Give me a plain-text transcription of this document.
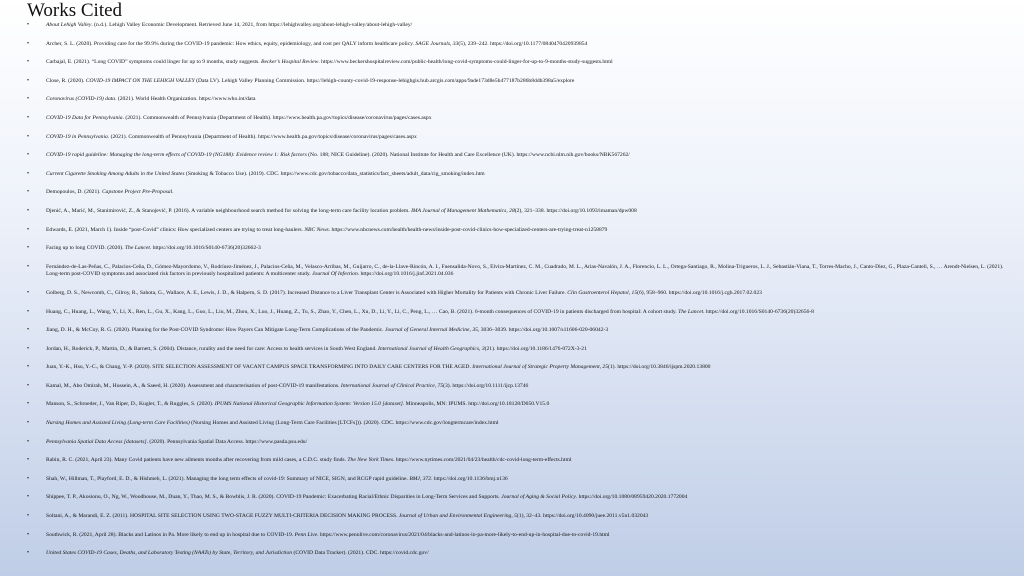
Works Cited
• About Lehigh Valley. (n.d.). Lehigh Valley Economic Development. Retrieved June 14, 2021, from https://lehighvalley.org/about-lehigh-valley/about-lehigh-valley/
• Archer, S. L. (2020). Providing care for the 99.9% during the COVID-19 pandemic: How ethics, equity, epidemiology, and cost per QALY inform healthcare policy. SAGE Journals, 33(5), 239–242. https://doi.org/10.1177/0840470420939854
• Carbajal, E. (2021). “Long COVID” symptoms could linger for up to 9 months, study suggests. Becker’s Hospital Review. https://www.beckershospitalreview.com/public-health/long-covid-symptoms-could-linger-for-up-to-9-months-study-suggests.html
• Close, R. (2020). COVID-19 IMPACT ON THE LEHIGH VALLEY (Data LV). Lehigh Valley Planning Commission. https://lehigh-county-covid-19-response-lehighgis.hub.arcgis.com/apps/9ade173d8e5b477187b286b8ddb398a5/explore
• Coronavirus (COVID-19) data. (2021). World Health Organization. https://www.who.int/data
• COVID-19 Data for Pennsylvania. (2021). Commonwealth of Pennsylvania (Department of Health). https://www.health.pa.gov/topics/disease/coronavirus/pages/cases.aspx
• COVID-19 in Pennsylvania. (2021). Commonwealth of Pennsylvania (Department of Health). https://www.health.pa.gov/topics/disease/coronavirus/pages/cases.aspx
• COVID-19 rapid guideline: Managing the long-term effects of COVID-19 (NG188): Evidence review 1: Risk factors (No. 188; NICE Guideline). (2020). National Institute for Health and Care Excellence (UK). https://www.ncbi.nlm.nih.gov/books/NBK567262/
• Current Cigarette Smoking Among Adults in the United States (Smoking & Tobacco Use). (2019). CDC. https://www.cdc.gov/tobacco/data_statistics/fact_sheets/adult_data/cig_smoking/index.htm
• Demopoulos, D. (2021). Capstone Project Pre-Proposal.
• Djenić, A., Marić, M., Stanimirović, Z., & Stanojević, P. (2016). A variable neighbourhood search method for solving the long-term care facility location problem. IMA Journal of Management Mathematics, 28(2), 321–338. https://doi.org/10.1093/imaman/dpw008
• Edwards, E. (2021, March 1). Inside “post-Covid” clinics: How specialized centers are trying to treat long-haulers. NBC News. https://www.nbcnews.com/health/health-news/inside-post-covid-clinics-how-specialized-centers-are-trying-treat-n1258879
• Facing up to long COVID. (2020). The Lancet. https://doi.org/10.1016/S0140-6736(20)32662-3
• Fernández-de-Las-Peñas, C., Palacios-Ceña, D., Gómez-Mayordomo, V., Rodríuez-Jiménez, J., Palacios-Ceña, M., Velasco-Arribas, M., Guijarro, C., de-la-Llave-Rincón, A. I., Fuensalida-Novo, S., Elvira-Martínez, C. M., Cuadrado, M. L., Arias-Navalón, J. A., Florencio, L. L., Ortega-Santiago, R., Molina-Trigueros, L. J., Sebastián-Viana, T., Torres-Macho, J., Canto-Diez, G., Plaza-Canteli, S., … Arendt-Nielsen, L. (2021). Long-term post-COVID symptoms and associated risk factors in previously hospitalized patients: A multicenter study. Journal Of Infection. https://doi.org/10.1016/j.jinf.2021.04.036
• Golberg, D. S., Newcomb, C., Gilroy, R., Sahota, G., Wallace, A. E., Lewis, J. D., & Halpern, S. D. (2017). Increased Distance to a Liver Transplant Center is Associated with Higher Mortality for Patients with Chronic Liver Failure. Clin Gastroenterol Hepatol, 15(6), 958–960. https://doi.org/10.1016/j.cgh.2017.02.023
• Huang, C., Huang, L., Wang, Y., Li, X., Ren, L., Gu, X., Kang, L., Guo, L., Liu, M., Zhou, X., Luo, J., Huang, Z., Tu, S., Zhao, Y., Chen, L., Xu, D., Li, Y., Li, C., Peng, L., … Cao, B. (2021). 6-month consequences of COVID-19 in patients discharged from hospital: A cohort study. The Lancet. https://doi.org/10.1016/S0140-6736(20)32656-8
• Jiang, D. H., & McCoy, R. G. (2020). Planning for the Post-COVID Syndrome: How Payers Can Mitigate Long-Term Complications of the Pandemic. Journal of General Internal Medicine, 35, 3036–3039. https://doi.org/10.1007/s11606-020-06042-3
• Jordan, H., Roderick, P., Martin, D., & Barnett, S. (2004). Distance, rurality and the need for care: Access to health services in South West England. International Journal of Health Geographics, 3(21). https://doi.org/10.1186/1476-072X-3-21
• Juan, Y.-K., Hsu, Y.-C., & Chang, Y.-P. (2020). SITE SELECTION ASSESSMENT OF VACANT CAMPUS SPACE TRANSFORMING INTO DAILY CARE CENTERS FOR THE AGED. International Journal of Strategic Property Management, 25(1). https://doi.org/10.3846/ijspm.2020.13800
• Kamal, M., Abo Omirah, M., Hussein, A., & Saeed, H. (2020). Assessment and characterisation of post-COVID-19 manifestations. International Journal of Clinical Practice, 75(3). https://doi.org/10.1111/ijcp.13746
• Manson, S., Schroeder, J., Van Riper, D., Kugler, T., & Ruggles, S. (2020). IPUMS National Historical Geographic Information System: Version 15.0 [dataset]. Minneapolis, MN: IPUMS. http://doi.org/10.18128/D050.V15.0
• Nursing Homes and Assisted Living (Long-term Care Facilities) (Nursing Homes and Assisted Living (Long-Term Care Facilities [LTCFs])). (2020). CDC. https://www.cdc.gov/longtermcare/index.html
• Pennsylvania Spatial Data Access [datasets]. (2020). Pennsylvania Spatial Data Access. https://www.pasda.psu.edu/
• Rabin, R. C. (2021, April 23). Many Covid patients have new ailments months after recovering from mild cases, a C.D.C. study finds. The New York Times. https://www.nytimes.com/2021/04/23/health/cdc-covid-long-term-effects.html
• Shah, W., Hillman, T., Playford, E. D., & Hishmeh, L. (2021). Managing the long term effects of covid-19: Summary of NICE, SIGN, and RCGP rapid guideline. BMJ, 372. https://doi.org/10.1136/bmj.n136
• Shippee, T. P., Akosionu, O., Ng, W., Woodhouse, M., Duan, Y., Thao, M. S., & Bowblis, J. R. (2020). COVID-19 Pandemic: Exacerbating Racial/Ethnic Disparities in Long-Term Services and Supports. Journal of Aging & Social Policy. https://doi.org/10.1080/08959420.2020.1772004
• Soltani, A., & Marandi, E. Z. (2011). HOSPITAL SITE SELECTION USING TWO-STAGE FUZZY MULTI-CRITERIA DECISION MAKING PROCESS. Journal of Urban and Environmental Engineering, 5(1), 32–43. https://doi.org/10.4090/juee.2011.v5n1.032043
• Southwick, R. (2021, April 28). Blacks and Latinos in Pa. More likely to end up in hospital due to COVID-19. Penn Live. https://www.pennlive.com/coronavirus/2021/04/blacks-and-latinos-in-pa-more-likely-to-end-up-in-hospital-due-to-covid-19.html
• United States COVID-19 Cases, Deaths, and Laboratory Testing (NAATs) by State, Territory, and Jurisdiction (COVID Data Tracker). (2021). CDC. https://covid.cdc.gov/
